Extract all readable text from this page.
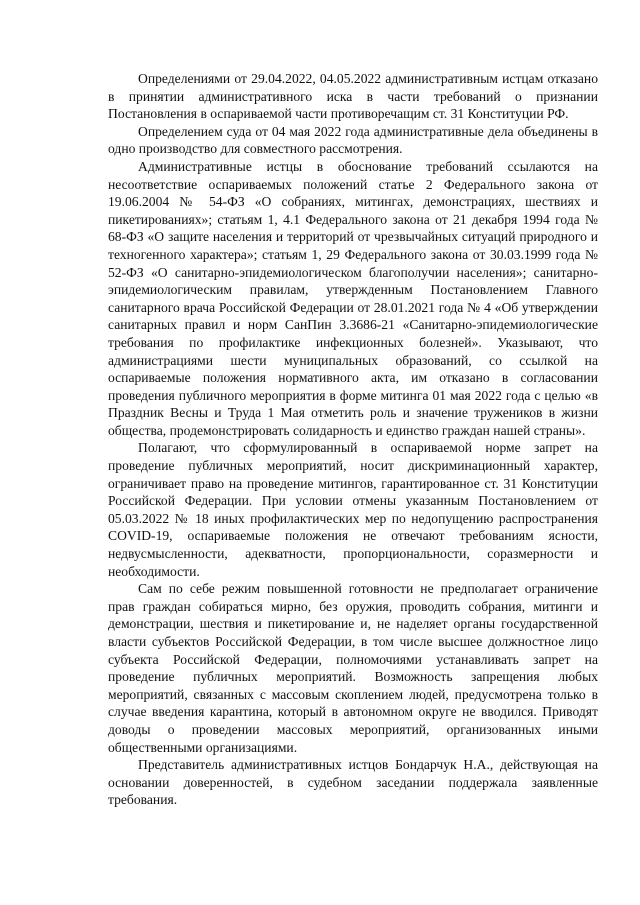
Определениями от 29.04.2022, 04.05.2022 административным истцам отказано в принятии административного иска в части требований о признании Постановления в оспариваемой части противоречащим ст. 31 Конституции РФ.

Определением суда от 04 мая 2022 года административные дела объединены в одно производство для совместного рассмотрения.

Административные истцы в обоснование требований ссылаются на несоответствие оспариваемых положений статье 2 Федерального закона от 19.06.2004 № 54-ФЗ «О собраниях, митингах, демонстрациях, шествиях и пикетированиях»; статьям 1, 4.1 Федерального закона от 21 декабря 1994 года № 68-ФЗ «О защите населения и территорий от чрезвычайных ситуаций природного и техногенного характера»; статьям 1, 29 Федерального закона от 30.03.1999 года № 52-ФЗ «О санитарно-эпидемиологическом благополучии населения»; санитарно-эпидемиологическим правилам, утвержденным Постановлением Главного санитарного врача Российской Федерации от 28.01.2021 года № 4 «Об утверждении санитарных правил и норм СанПин 3.3686-21 «Санитарно-эпидемиологические требования по профилактике инфекционных болезней». Указывают, что администрациями шести муниципальных образований, со ссылкой на оспариваемые положения нормативного акта, им отказано в согласовании проведения публичного мероприятия в форме митинга 01 мая 2022 года с целью «в Праздник Весны и Труда 1 Мая отметить роль и значение тружеников в жизни общества, продемонстрировать солидарность и единство граждан нашей страны».

Полагают, что сформулированный в оспариваемой норме запрет на проведение публичных мероприятий, носит дискриминационный характер, ограничивает право на проведение митингов, гарантированное ст. 31 Конституции Российской Федерации. При условии отмены указанным Постановлением от 05.03.2022 № 18 иных профилактических мер по недопущению распространения COVID-19, оспариваемые положения не отвечают требованиям ясности, недвусмысленности, адекватности, пропорциональности, соразмерности и необходимости.

Сам по себе режим повышенной готовности не предполагает ограничение прав граждан собираться мирно, без оружия, проводить собрания, митинги и демонстрации, шествия и пикетирование и, не наделяет органы государственной власти субъектов Российской Федерации, в том числе высшее должностное лицо субъекта Российской Федерации, полномочиями устанавливать запрет на проведение публичных мероприятий. Возможность запрещения любых мероприятий, связанных с массовым скоплением людей, предусмотрена только в случае введения карантина, который в автономном округе не вводился. Приводят доводы о проведении массовых мероприятий, организованных иными общественными организациями.

Представитель административных истцов Бондарчук Н.А., действующая на основании доверенностей, в судебном заседании поддержала заявленные требования.
